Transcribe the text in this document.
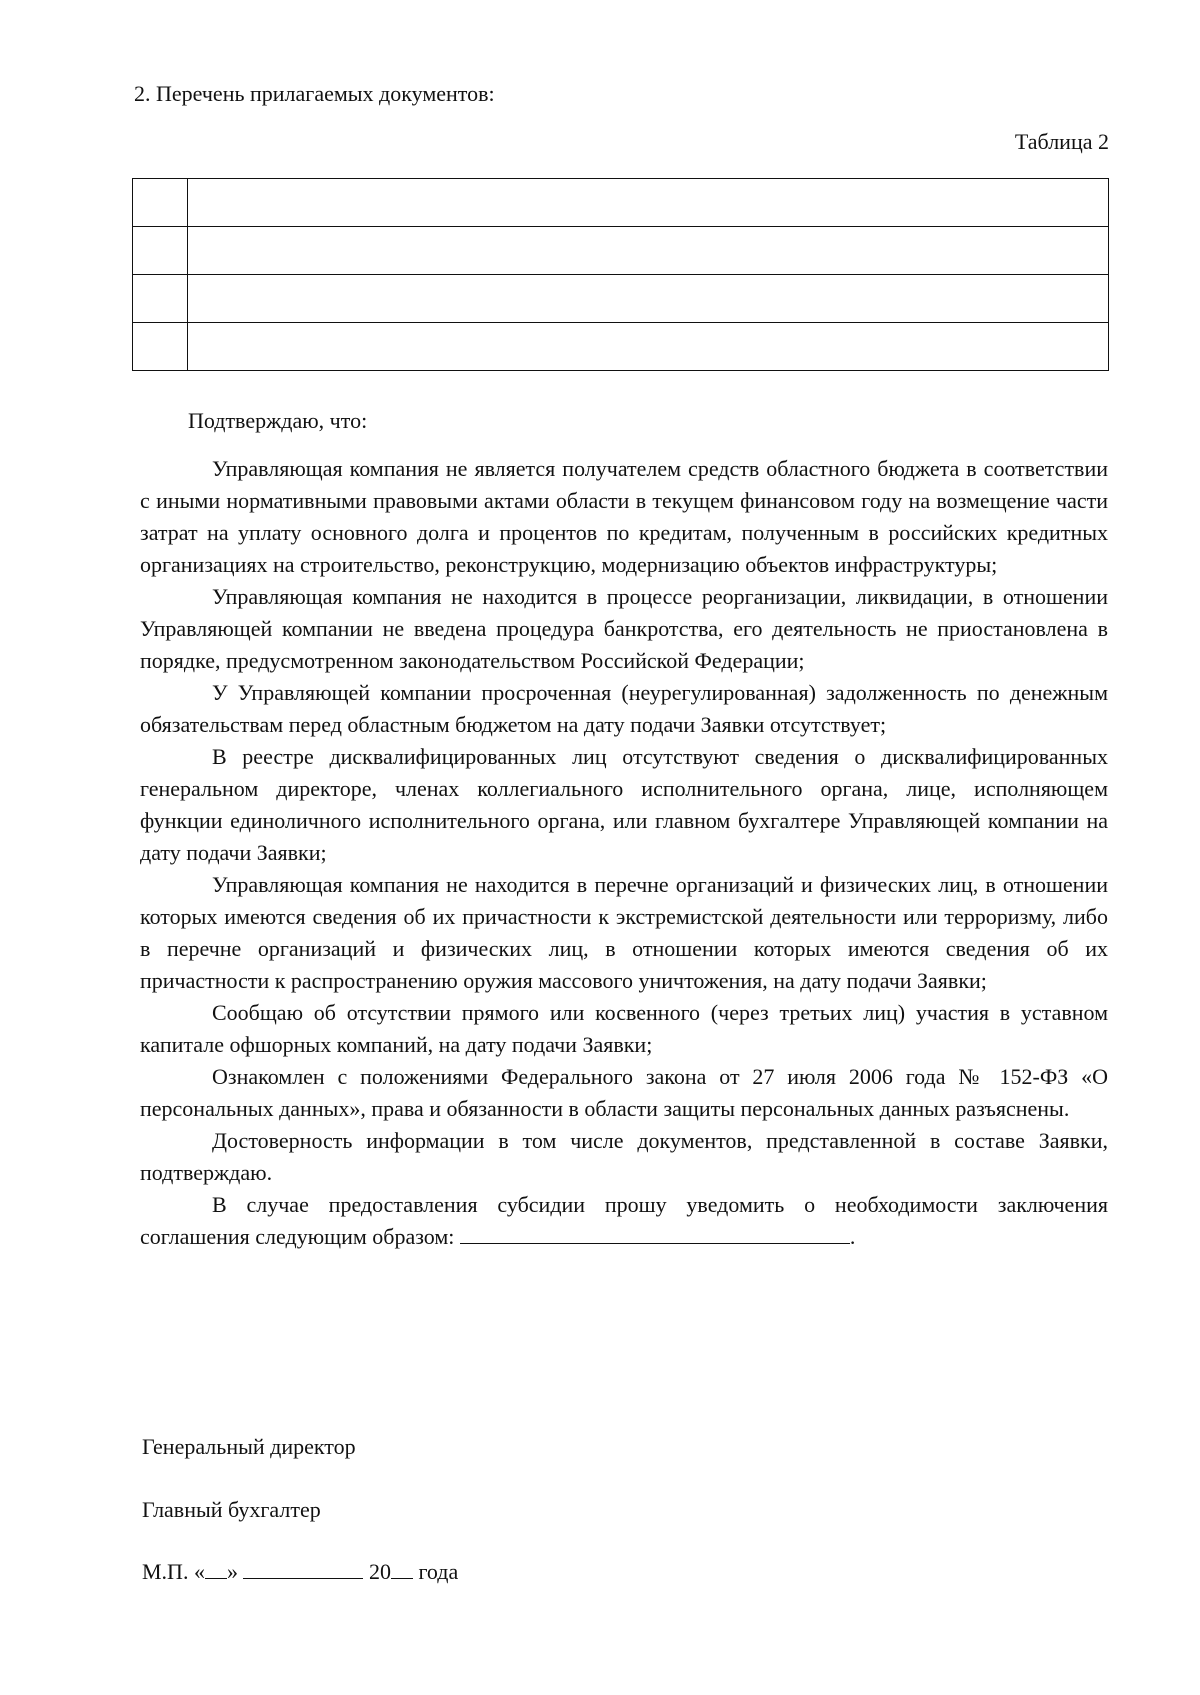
2. Перечень прилагаемых документов:
Таблица 2

Подтверждаю, что:

Управляющая компания не является получателем средств областного бюджета в соответствии с иными нормативными правовыми актами области в текущем финансовом году на возмещение части затрат на уплату основного долга и процентов по кредитам, полученным в российских кредитных организациях на строительство, реконструкцию, модернизацию объектов инфраструктуры;

Управляющая компания не находится в процессе реорганизации, ликвидации, в отношении Управляющей компании не введена процедура банкротства, его деятельность не приостановлена в порядке, предусмотренном законодательством Российской Федерации;

У Управляющей компании просроченная (неурегулированная) задолженность по денежным обязательствам перед областным бюджетом на дату подачи Заявки отсутствует;

В реестре дисквалифицированных лиц отсутствуют сведения о дисквалифицированных генеральном директоре, членах коллегиального исполнительного органа, лице, исполняющем функции единоличного исполнительного органа, или главном бухгалтере Управляющей компании на дату подачи Заявки;

Управляющая компания не находится в перечне организаций и физических лиц, в отношении которых имеются сведения об их причастности к экстремистской деятельности или терроризму, либо в перечне организаций и физических лиц, в отношении которых имеются сведения об их причастности к распространению оружия массового уничтожения, на дату подачи Заявки;

Сообщаю об отсутствии прямого или косвенного (через третьих лиц) участия в уставном капитале офшорных компаний, на дату подачи Заявки;

Ознакомлен с положениями Федерального закона от 27 июля 2006 года № 152-ФЗ «О персональных данных», права и обязанности в области защиты персональных данных разъяснены.

Достоверность информации в том числе документов, представленной в составе Заявки, подтверждаю.

В случае предоставления субсидии прошу уведомить о необходимости заключения соглашения следующим образом:	.

Генеральный директор
Главный бухгалтер
М.П. « »	20 года
